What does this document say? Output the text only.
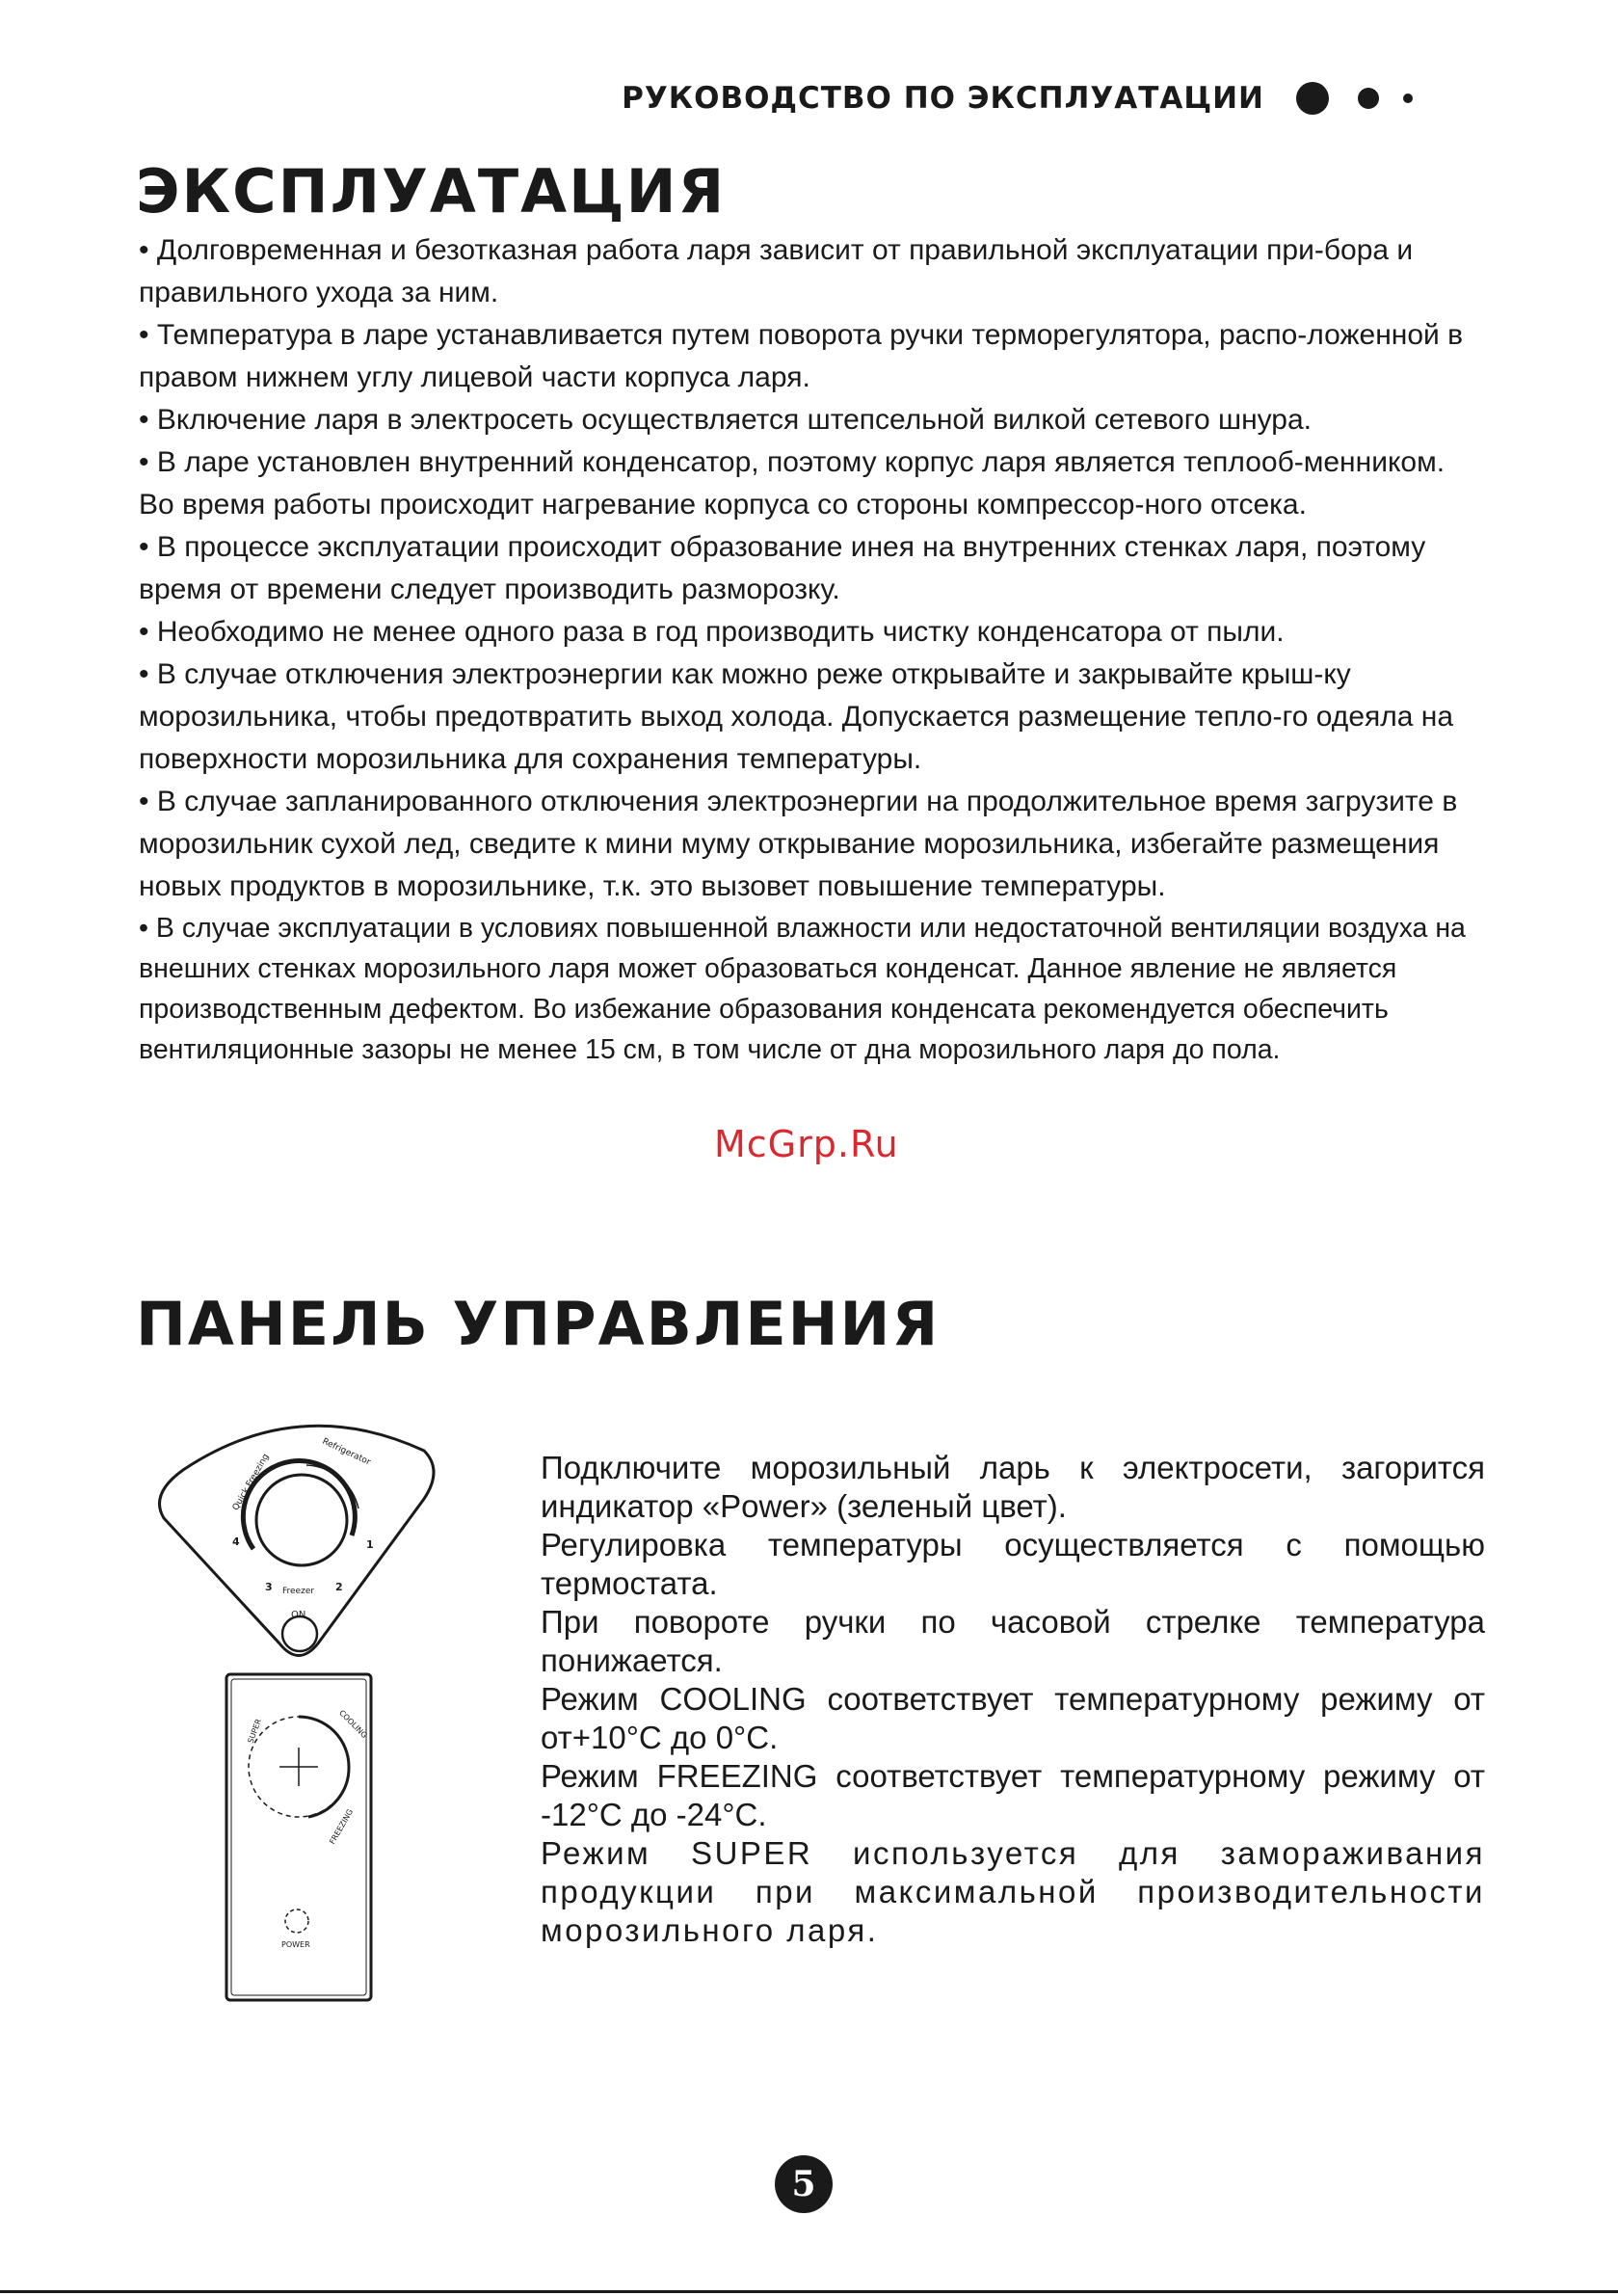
РУКОВОДСТВО ПО ЭКСПЛУАТАЦИИ
ЭКСПЛУАТАЦИЯ
• Долговременная и безотказная работа ларя зависит от правильной эксплуатации при-бора и правильного ухода за ним.
• Температура в ларе устанавливается путем поворота ручки терморегулятора, распо-ложенной в правом нижнем углу лицевой части корпуса ларя.
• Включение ларя в электросеть осуществляется штепсельной вилкой сетевого шнура.
• В ларе установлен внутренний конденсатор, поэтому корпус ларя является теплооб-менником. Во время работы происходит нагревание корпуса со стороны компрессор-ного отсека.
• В процессе эксплуатации происходит образование инея на внутренних стенках ларя, поэтому время от времени следует производить разморозку.
• Необходимо не менее одного раза в год производить чистку конденсатора от пыли.
• В случае отключения электроэнергии как можно реже открывайте и закрывайте крыш-ку морозильника, чтобы предотвратить выход холода. Допускается размещение тепло-го одеяла на поверхности морозильника для сохранения температуры.
• В случае запланированного отключения электроэнергии на продолжительное время загрузите в морозильник сухой лед, сведите к мини муму открывание морозильника, избегайте размещения новых продуктов в морозильнике, т.к. это вызовет повышение температуры.
• В случае эксплуатации в условиях повышенной влажности или недостаточной вентиляции воздуха на внешних стенках морозильного ларя может образоваться конденсат. Данное явление не является производственным дефектом. Во избежание образования конденсата рекомендуется обеспечить вентиляционные зазоры не менее 15 см, в том числе от дна морозильного ларя до пола.
McGrp.Ru
ПАНЕЛЬ УПРАВЛЕНИЯ
Quick Freezing
Refrigerator
Freezer
1
2
3
4
ON
SUPER	COOLING
FREEZING
POWER

Подключите морозильный ларь к электросети, загорится индикатор «Power» (зеленый цвет).

Регулировка температуры осуществляется с помощью термостата.

При повороте ручки по часовой стрелке температура понижается.

Режим COOLING соответствует температурному режиму от от+10°С до 0°С.

Режим FREEZING соответствует температурному режиму от -12°С до -24°С.

Режим SUPER используется для замораживания продукции при максимальной производительности морозильного ларя.

5
